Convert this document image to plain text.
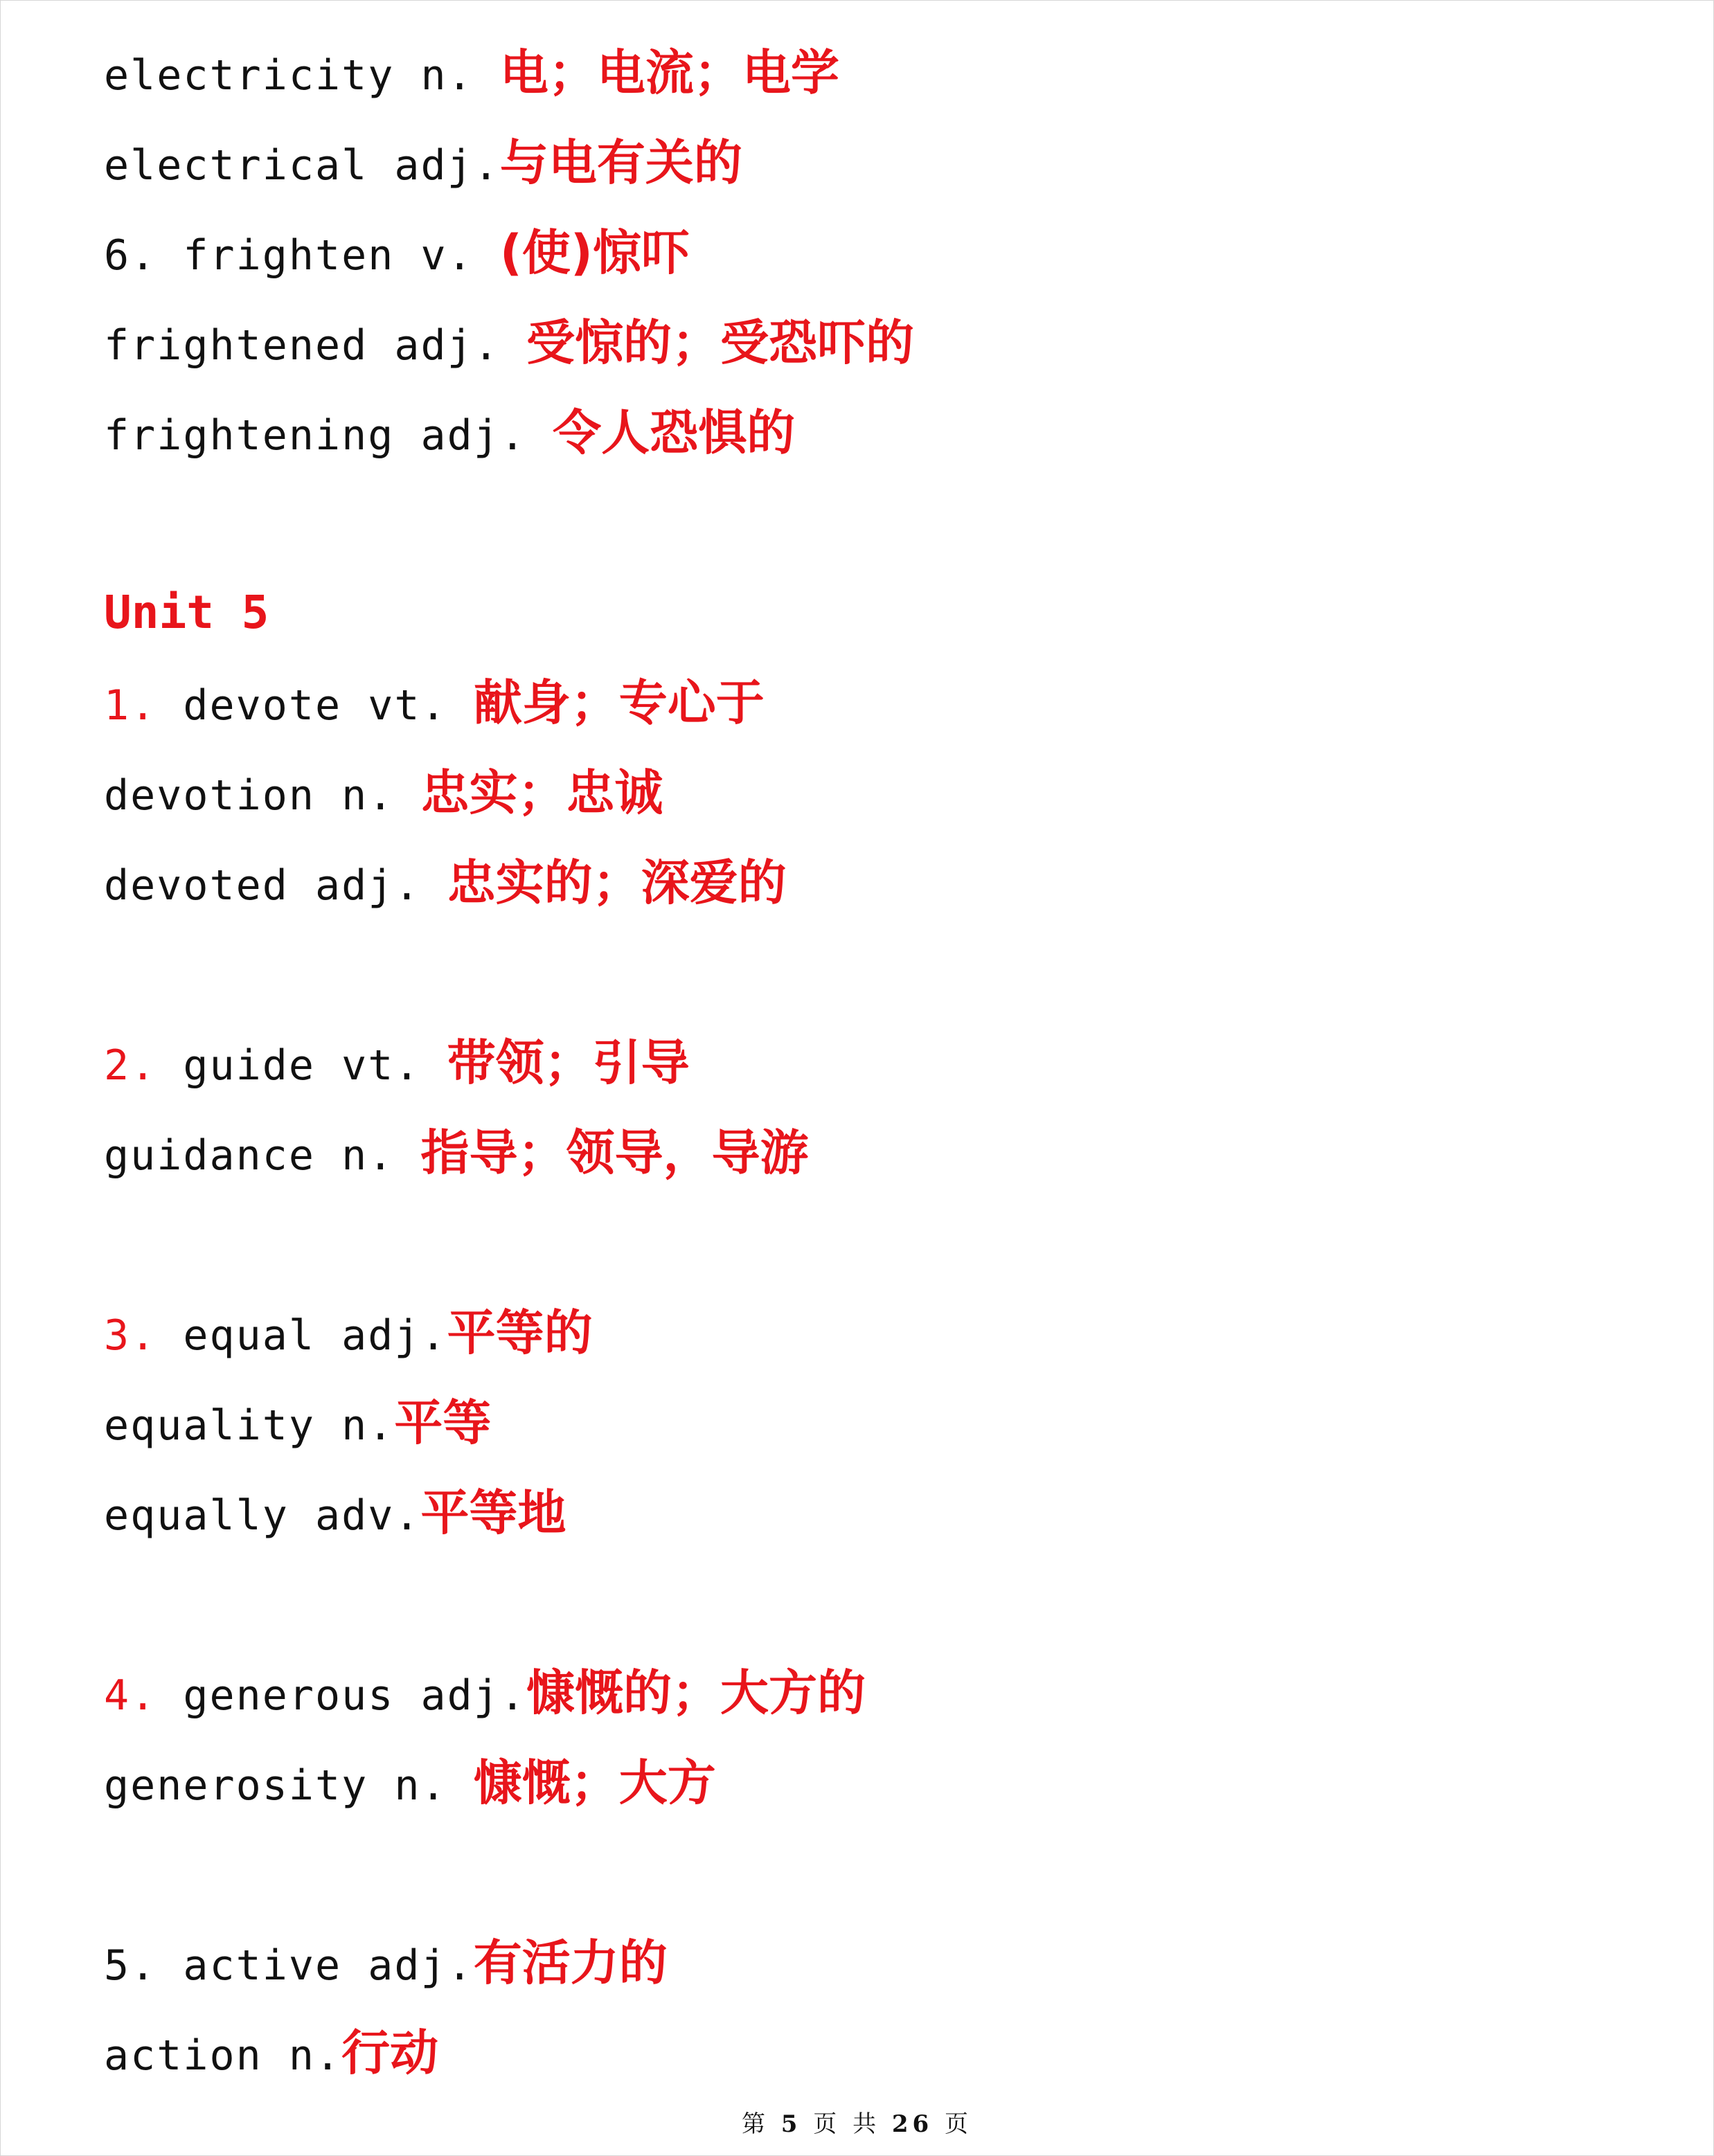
electricity n. 电；电流；电学
electrical adj.与电有关的
6. frighten v. (使)惊吓
frightened adj. 受惊的；受恐吓的
frightening adj. 令人恐惧的
Unit 5
1. devote vt. 献身；专心于
devotion n. 忠实；忠诚
devoted adj. 忠实的；深爱的
2. guide vt. 带领；引导
guidance n. 指导；领导，导游
3. equal adj.平等的
equality n.平等
equally adv.平等地
4. generous adj.慷慨的；大方的
generosity n. 慷慨；大方
5. active adj.有活力的
action n.行动
第 5 页 共 26 页
